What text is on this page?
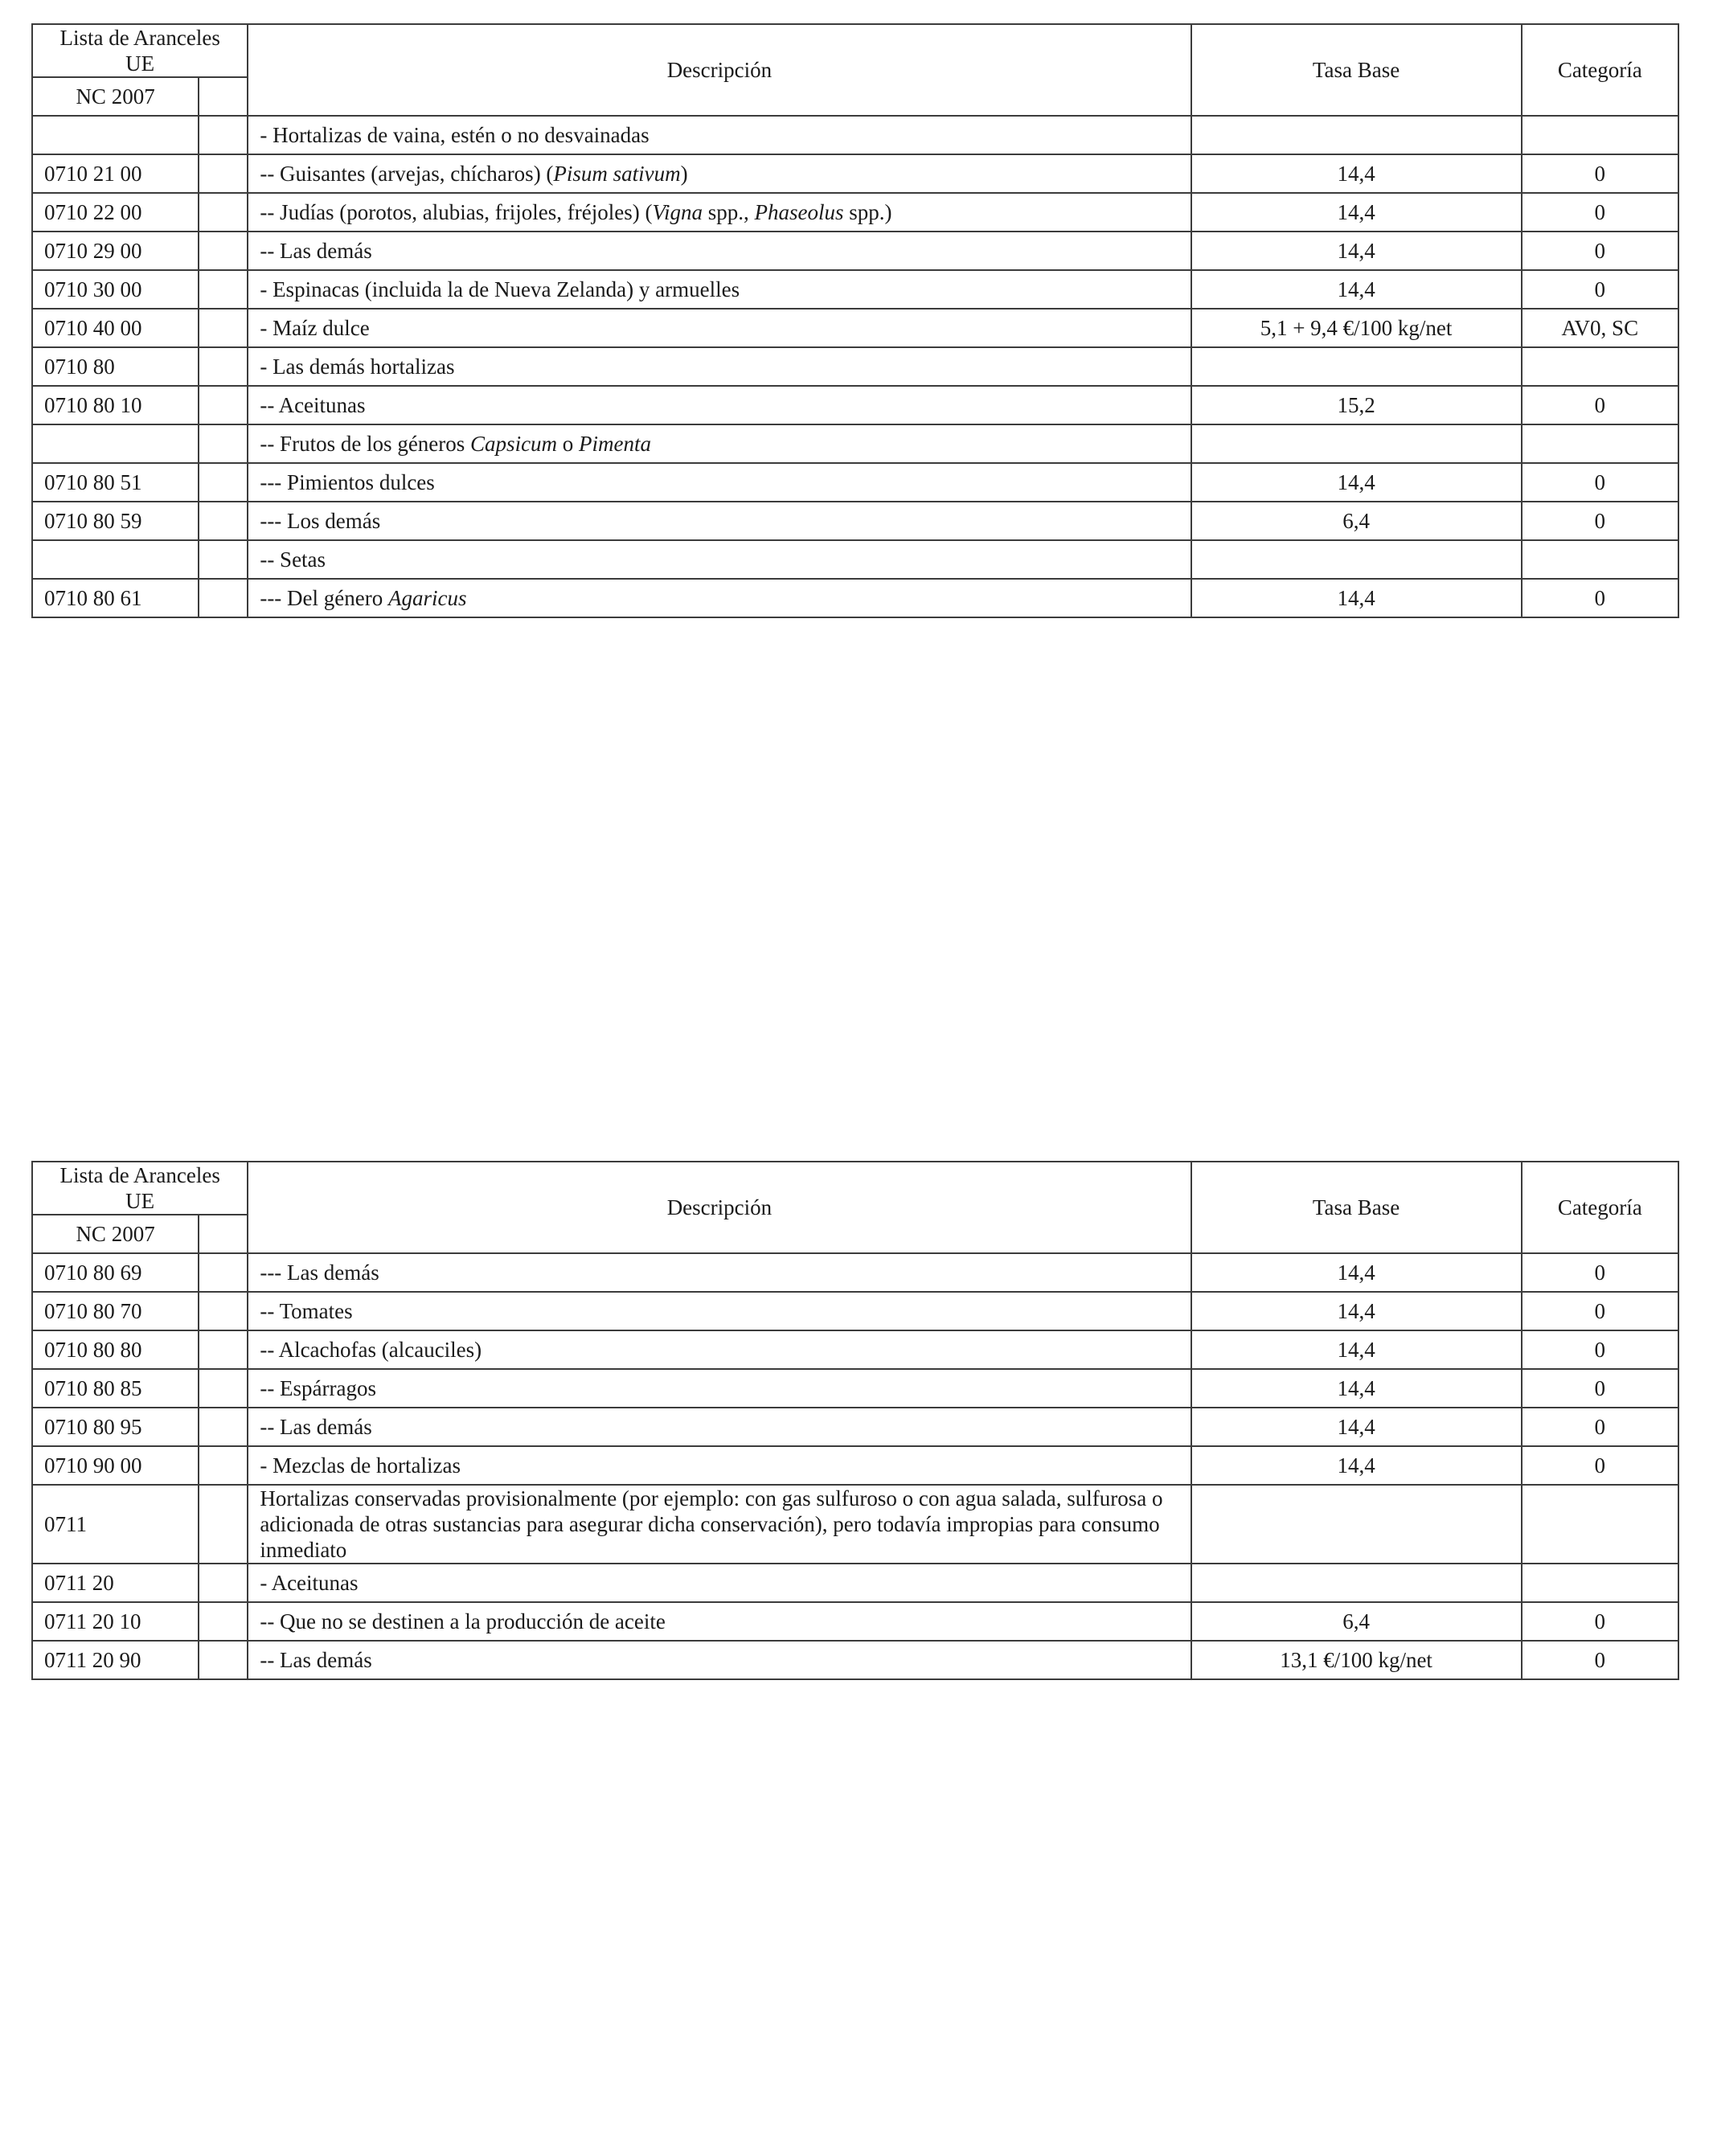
Lista de Aranceles UE		Descripción	Tasa Base	Categoría
NC 2007				
		- Hortalizas de vaina, estén o no desvainadas		
0710 21 00		-- Guisantes (arvejas, chícharos) (Pisum sativum)	14,4	0
0710 22 00		-- Judías (porotos, alubias, frijoles, fréjoles) (Vigna spp., Phaseolus spp.)	14,4	0
0710 29 00		-- Las demás	14,4	0
0710 30 00		- Espinacas (incluida la de Nueva Zelanda) y armuelles	14,4	0
0710 40 00		- Maíz dulce	5,1 + 9,4 €/100 kg/net	AV0, SC
0710 80		- Las demás hortalizas		
0710 80 10		-- Aceitunas	15,2	0
		-- Frutos de los géneros Capsicum o Pimenta		
0710 80 51		--- Pimientos dulces	14,4	0
0710 80 59		--- Los demás	6,4	0
		-- Setas		
0710 80 61		--- Del género Agaricus	14,4	0
Lista de Aranceles UE		Descripción	Tasa Base	Categoría
NC 2007				
0710 80 69		--- Las demás	14,4	0
0710 80 70		-- Tomates	14,4	0
0710 80 80		-- Alcachofas (alcauciles)	14,4	0
0710 80 85		-- Espárragos	14,4	0
0710 80 95		-- Las demás	14,4	0
0710 90 00		- Mezclas de hortalizas	14,4	0
0711		Hortalizas conservadas provisionalmente (por ejemplo: con gas sulfuroso o con agua salada, sulfurosa o adicionada de otras sustancias para asegurar dicha conservación), pero todavía impropias para consumo inmediato		
0711 20		- Aceitunas		
0711 20 10		-- Que no se destinen a la producción de aceite	6,4	0
0711 20 90		-- Las demás	13,1 €/100 kg/net	0
